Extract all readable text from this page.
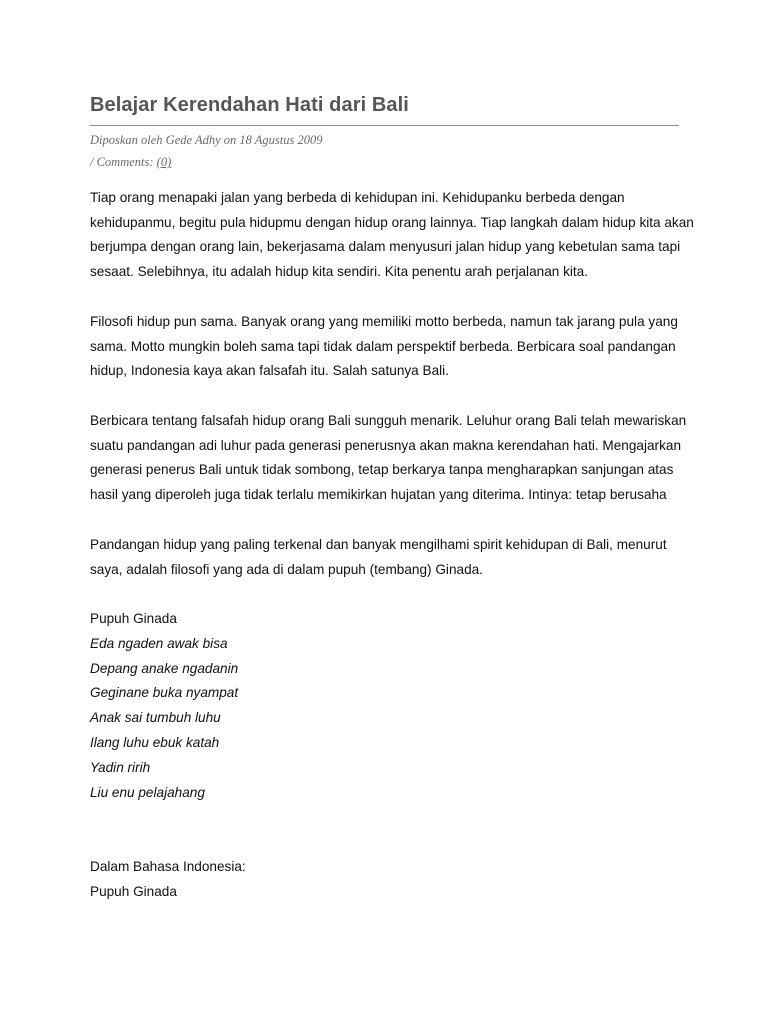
Belajar Kerendahan Hati dari Bali
Diposkan oleh Gede Adhy on 18 Agustus 2009
/ Comments: (0)

Tiap orang menapaki jalan yang berbeda di kehidupan ini. Kehidupanku berbeda dengan
kehidupanmu, begitu pula hidupmu dengan hidup orang lainnya. Tiap langkah dalam hidup kita akan
berjumpa dengan orang lain, bekerjasama dalam menyusuri jalan hidup yang kebetulan sama tapi
sesaat. Selebihnya, itu adalah hidup kita sendiri. Kita penentu arah perjalanan kita.

Filosofi hidup pun sama. Banyak orang yang memiliki motto berbeda, namun tak jarang pula yang
sama. Motto mungkin boleh sama tapi tidak dalam perspektif berbeda. Berbicara soal pandangan
hidup, Indonesia kaya akan falsafah itu. Salah satunya Bali.

Berbicara tentang falsafah hidup orang Bali sungguh menarik. Leluhur orang Bali telah mewariskan
suatu pandangan adi luhur pada generasi penerusnya akan makna kerendahan hati. Mengajarkan
generasi penerus Bali untuk tidak sombong, tetap berkarya tanpa mengharapkan sanjungan atas
hasil yang diperoleh juga tidak terlalu memikirkan hujatan yang diterima. Intinya: tetap berusaha

Pandangan hidup yang paling terkenal dan banyak mengilhami spirit kehidupan di Bali, menurut
saya, adalah filosofi yang ada di dalam pupuh (tembang) Ginada.

Pupuh Ginada
Eda ngaden awak bisa
Depang anake ngadanin
Geginane buka nyampat
Anak sai tumbuh luhu
Ilang luhu ebuk katah
Yadin ririh
Liu enu pelajahang
Dalam Bahasa Indonesia:
Pupuh Ginada
